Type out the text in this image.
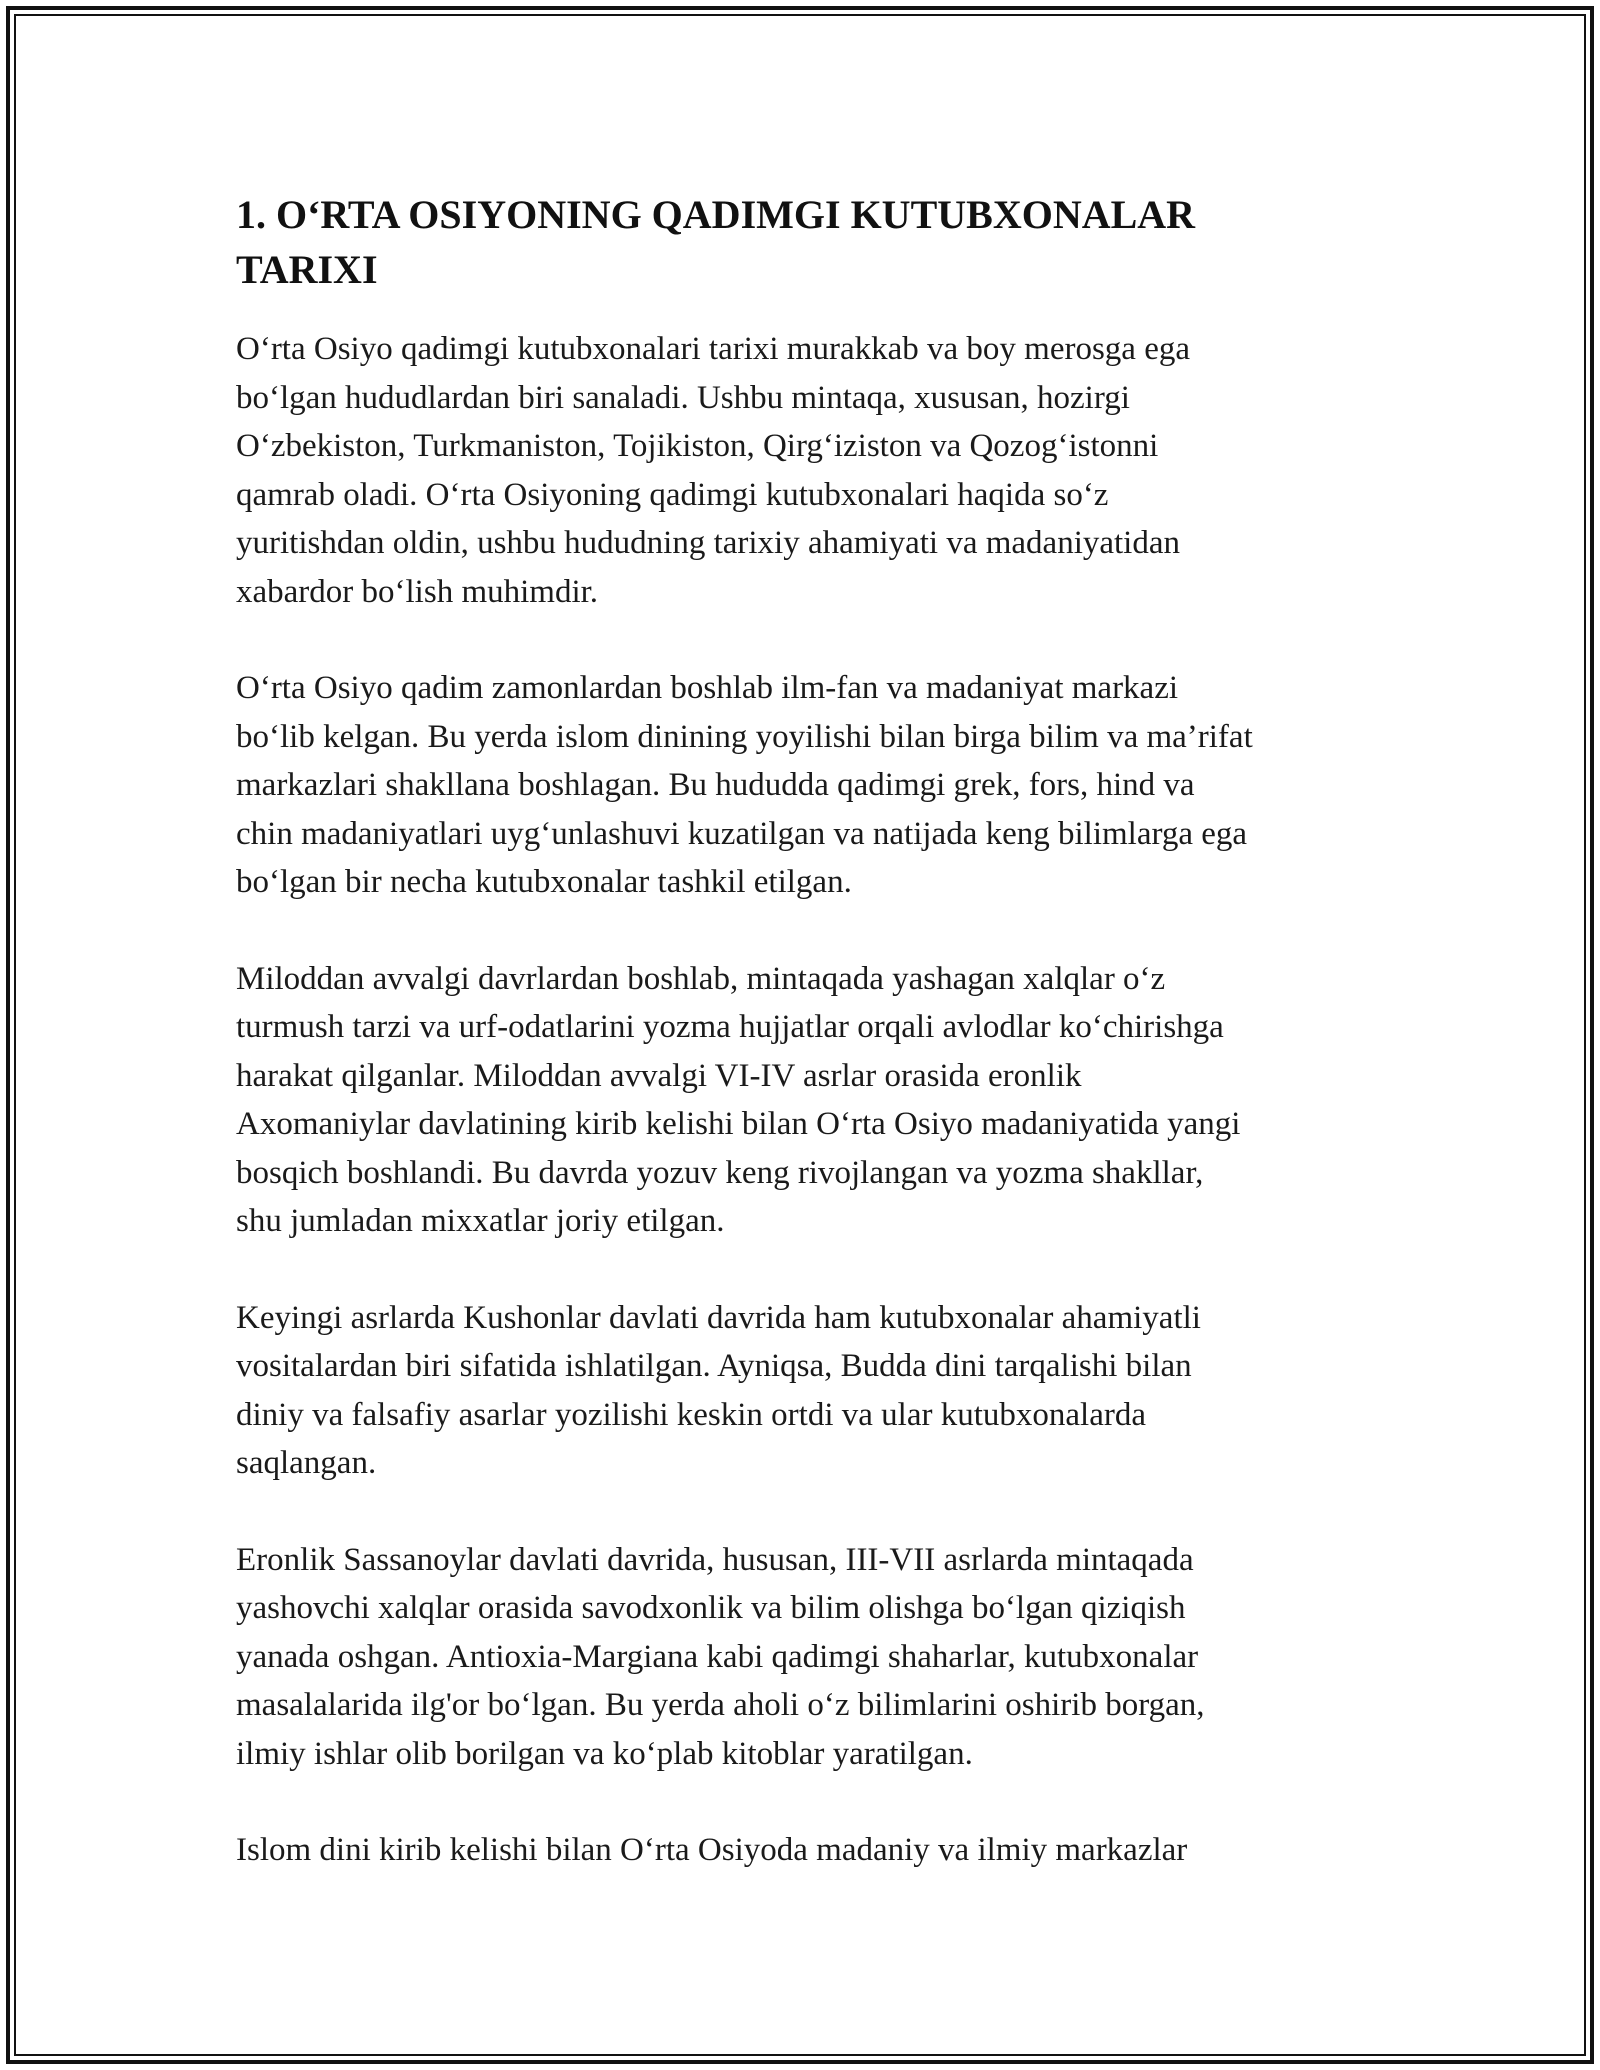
1. O‘RTA OSIYONING QADIMGI KUTUBXONALAR
TARIXI

O‘rta Osiyo qadimgi kutubxonalari tarixi murakkab va boy merosga ega
bo‘lgan hududlardan biri sanaladi. Ushbu mintaqa, xususan, hozirgi
O‘zbekiston, Turkmaniston, Tojikiston, Qirg‘iziston va Qozog‘istonni
qamrab oladi. O‘rta Osiyoning qadimgi kutubxonalari haqida so‘z
yuritishdan oldin, ushbu hududning tarixiy ahamiyati va madaniyatidan
xabardor bo‘lish muhimdir.

O‘rta Osiyo qadim zamonlardan boshlab ilm-fan va madaniyat markazi
bo‘lib kelgan. Bu yerda islom dinining yoyilishi bilan birga bilim va ma’rifat
markazlari shakllana boshlagan. Bu hududda qadimgi grek, fors, hind va
chin madaniyatlari uyg‘unlashuvi kuzatilgan va natijada keng bilimlarga ega
bo‘lgan bir necha kutubxonalar tashkil etilgan.

Miloddan avvalgi davrlardan boshlab, mintaqada yashagan xalqlar o‘z
turmush tarzi va urf-odatlarini yozma hujjatlar orqali avlodlar ko‘chirishga
harakat qilganlar. Miloddan avvalgi VI-IV asrlar orasida eronlik
Axomaniylar davlatining kirib kelishi bilan O‘rta Osiyo madaniyatida yangi
bosqich boshlandi. Bu davrda yozuv keng rivojlangan va yozma shakllar,
shu jumladan mixxatlar joriy etilgan.

Keyingi asrlarda Kushonlar davlati davrida ham kutubxonalar ahamiyatli
vositalardan biri sifatida ishlatilgan. Ayniqsa, Budda dini tarqalishi bilan
diniy va falsafiy asarlar yozilishi keskin ortdi va ular kutubxonalarda
saqlangan.

Eronlik Sassanoylar davlati davrida, hususan, III-VII asrlarda mintaqada
yashovchi xalqlar orasida savodxonlik va bilim olishga bo‘lgan qiziqish
yanada oshgan. Antioxia-Margiana kabi qadimgi shaharlar, kutubxonalar
masalalarida ilg'or bo‘lgan. Bu yerda aholi o‘z bilimlarini oshirib borgan,
ilmiy ishlar olib borilgan va ko‘plab kitoblar yaratilgan.

Islom dini kirib kelishi bilan O‘rta Osiyoda madaniy va ilmiy markazlar
